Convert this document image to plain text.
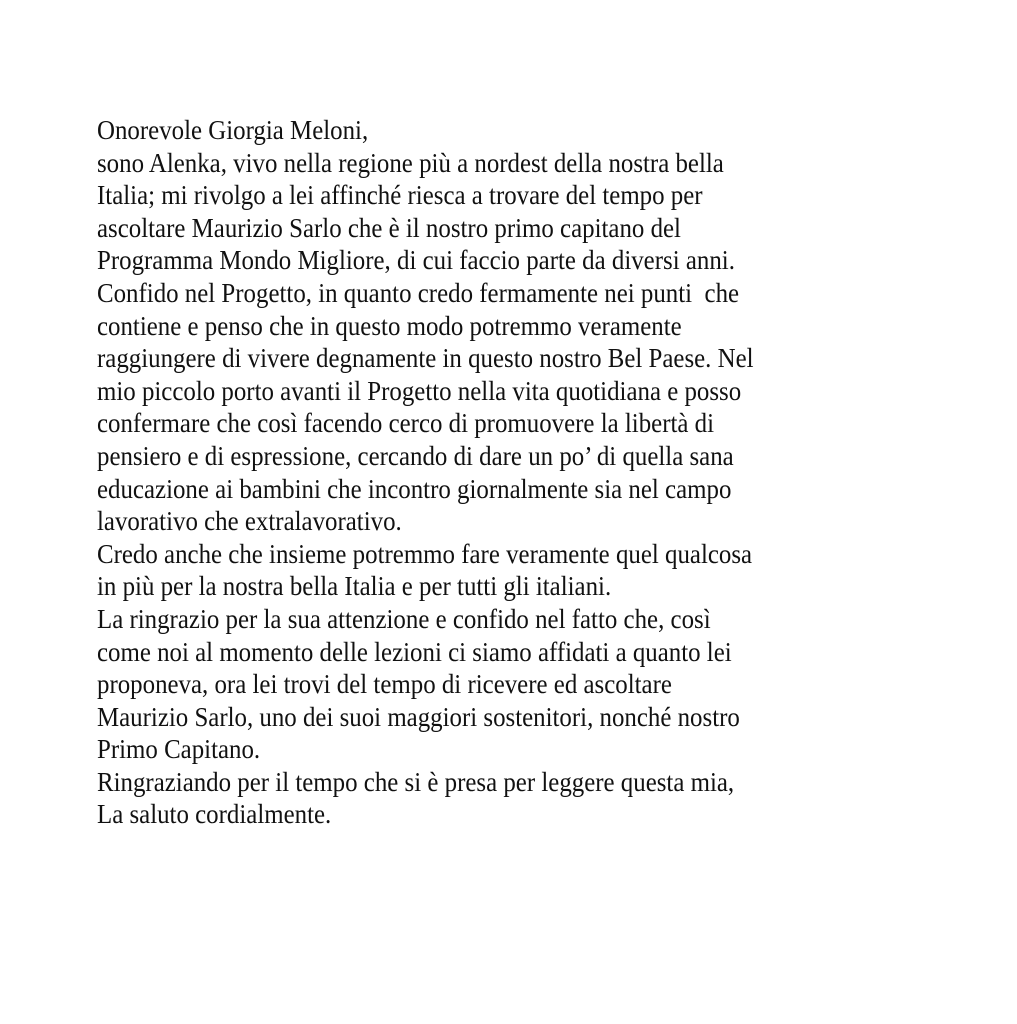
Onorevole Giorgia Meloni,
sono Alenka, vivo nella regione più a nordest della nostra bella
Italia; mi rivolgo a lei affinché riesca a trovare del tempo per
ascoltare Maurizio Sarlo che è il nostro primo capitano del
Programma Mondo Migliore, di cui faccio parte da diversi anni.
Confido nel Progetto, in quanto credo fermamente nei punti  che
contiene e penso che in questo modo potremmo veramente
raggiungere di vivere degnamente in questo nostro Bel Paese. Nel
mio piccolo porto avanti il Progetto nella vita quotidiana e posso
confermare che così facendo cerco di promuovere la libertà di
pensiero e di espressione, cercando di dare un po’ di quella sana
educazione ai bambini che incontro giornalmente sia nel campo
lavorativo che extralavorativo.
Credo anche che insieme potremmo fare veramente quel qualcosa
in più per la nostra bella Italia e per tutti gli italiani.
La ringrazio per la sua attenzione e confido nel fatto che, così
come noi al momento delle lezioni ci siamo affidati a quanto lei
proponeva, ora lei trovi del tempo di ricevere ed ascoltare
Maurizio Sarlo, uno dei suoi maggiori sostenitori, nonché nostro
Primo Capitano.
Ringraziando per il tempo che si è presa per leggere questa mia,
La saluto cordialmente.
